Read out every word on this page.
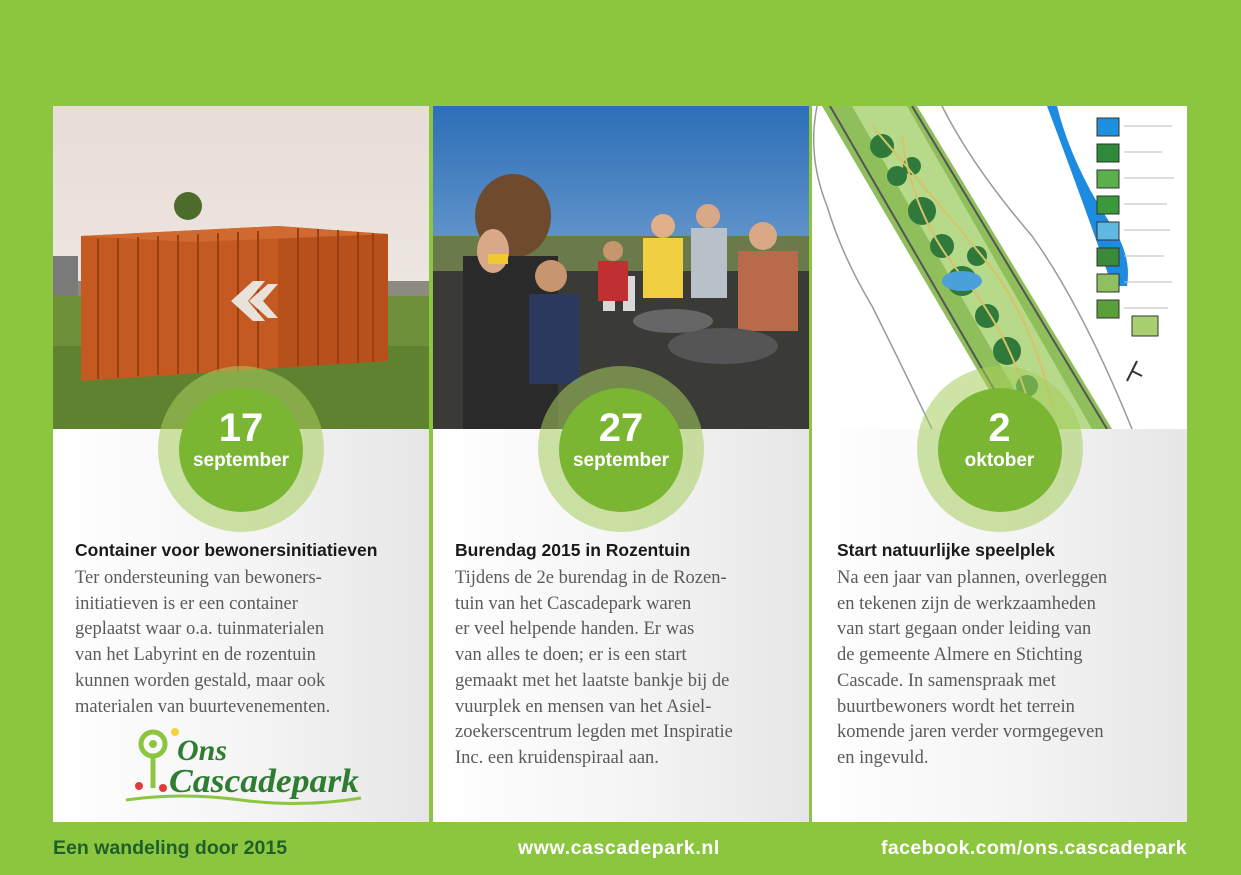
17
september
Container voor bewonersinitiatieven

Ter ondersteuning van bewoners-
initiatieven is er een container
geplaatst waar o.a. tuinmaterialen
van het Labyrint en de rozentuin
kunnen worden gestald, maar ook
materialen van buurtevenementen.

Ons
Cascadepark
27
september
Burendag 2015 in Rozentuin

Tijdens de 2e burendag in de Rozen-
tuin van het Cascadepark waren
er veel helpende handen. Er was
van alles te doen; er is een start
gemaakt met het laatste bankje bij de
vuurplek en mensen van het Asiel-
zoekerscentrum legden met Inspiratie
Inc. een kruidenspiraal aan.

2
oktober
Start natuurlijke speelplek

Na een jaar van plannen, overleggen
en tekenen zijn de werkzaamheden
van start gegaan onder leiding van
de gemeente Almere en Stichting
Cascade. In samenspraak met
buurtbewoners wordt het terrein
komende jaren verder vormgegeven
en ingevuld.

Een wandeling door 2015	www.cascadepark.nl	facebook.com/ons.cascadepark
